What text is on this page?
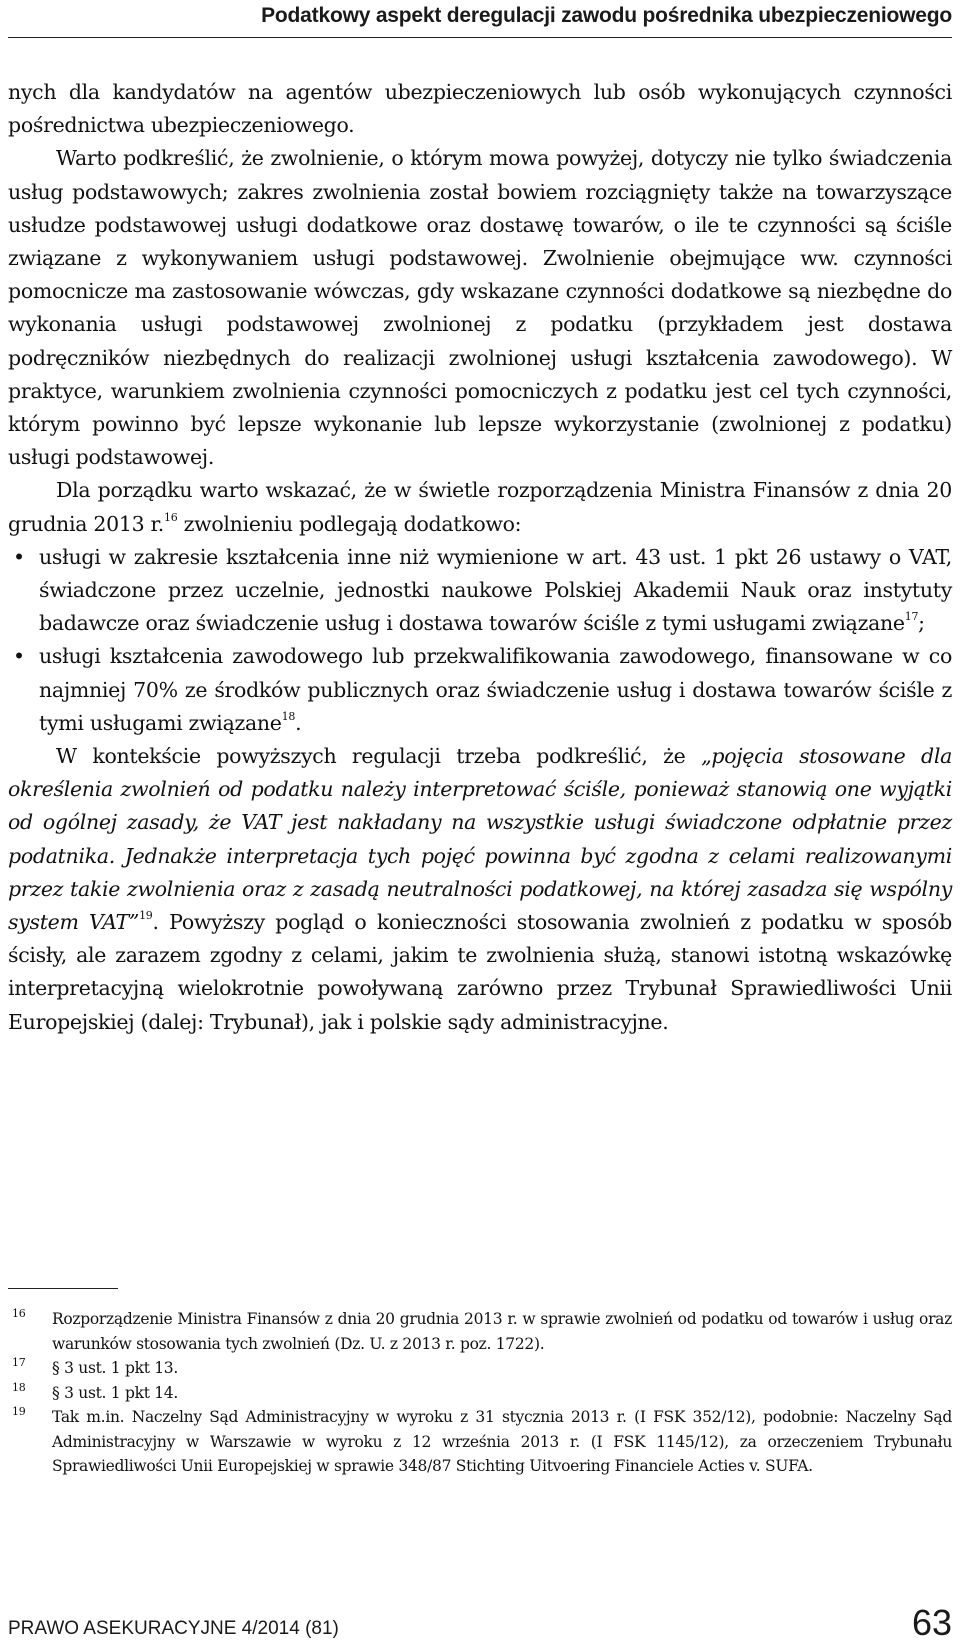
Podatkowy aspekt deregulacji zawodu pośrednika ubezpieczeniowego

nych dla kandydatów na agentów ubezpieczeniowych lub osób wykonujących czynności pośrednictwa ubezpieczeniowego.

Warto podkreślić, że zwolnienie, o którym mowa powyżej, dotyczy nie tylko świadczenia usług podstawowych; zakres zwolnienia został bowiem rozciągnięty także na towarzyszące usłudze podstawowej usługi dodatkowe oraz dostawę towarów, o ile te czynności są ściśle związane z wykonywaniem usługi podstawowej. Zwolnienie obejmujące ww. czynności pomocnicze ma zastosowanie wówczas, gdy wskazane czynności dodatkowe są niezbędne do wykonania usługi podstawowej zwolnionej z podatku (przykładem jest dostawa podręczników niezbędnych do realizacji zwolnionej usługi kształcenia zawodowego). W praktyce, warunkiem zwolnienia czynności pomocniczych z podatku jest cel tych czynności, którym powinno być lepsze wykonanie lub lepsze wykorzystanie (zwolnionej z podatku) usługi podstawowej.

Dla porządku warto wskazać, że w świetle rozporządzenia Ministra Finansów z dnia 20 grudnia 2013 r.$^{16}$ zwolnieniu podlegają dodatkowo:

• usługi w zakresie kształcenia inne niż wymienione w art. 43 ust. 1 pkt 26 ustawy o VAT, świadczone przez uczelnie, jednostki naukowe Polskiej Akademii Nauk oraz instytuty badawcze oraz świadczenie usług i dostawa towarów ściśle z tymi usługami związane$^{17}$;
• usługi kształcenia zawodowego lub przekwalifikowania zawodowego, finansowane w co najmniej 70% ze środków publicznych oraz świadczenie usług i dostawa towarów ściśle z tymi usługami związane$^{18}$.

W kontekście powyższych regulacji trzeba podkreślić, że „pojęcia stosowane dla określenia zwolnień od podatku należy interpretować ściśle, ponieważ stanowią one wyjątki od ogólnej zasady, że VAT jest nakładany na wszystkie usługi świadczone odpłatnie przez podatnika. Jednakże interpretacja tych pojęć powinna być zgodna z celami realizowanymi przez takie zwolnienia oraz z zasadą neutralności podatkowej, na której zasadza się wspólny system VAT”$^{19}$. Powyższy pogląd o konieczności stosowania zwolnień z podatku w sposób ścisły, ale zarazem zgodny z celami, jakim te zwolnienia służą, stanowi istotną wskazówkę interpretacyjną wielokrotnie powoływaną zarówno przez Trybunał Sprawiedliwości Unii Europejskiej (dalej: Trybunał), jak i polskie sądy administracyjne.

16 Rozporządzenie Ministra Finansów z dnia 20 grudnia 2013 r. w sprawie zwolnień od podatku od towarów i usług oraz warunków stosowania tych zwolnień (Dz. U. z 2013 r. poz. 1722).
17 § 3 ust. 1 pkt 13.
18 § 3 ust. 1 pkt 14.
19 Tak m.in. Naczelny Sąd Administracyjny w wyroku z 31 stycznia 2013 r. (I FSK 352/12), podobnie: Naczelny Sąd Administracyjny w Warszawie w wyroku z 12 września 2013 r. (I FSK 1145/12), za orzeczeniem Trybunału Sprawiedliwości Unii Europejskiej w sprawie 348/87 Stichting Uitvoering Financiele Acties v. SUFA.
PRAWO ASEKURACYJNE 4/2014 (81)	63
